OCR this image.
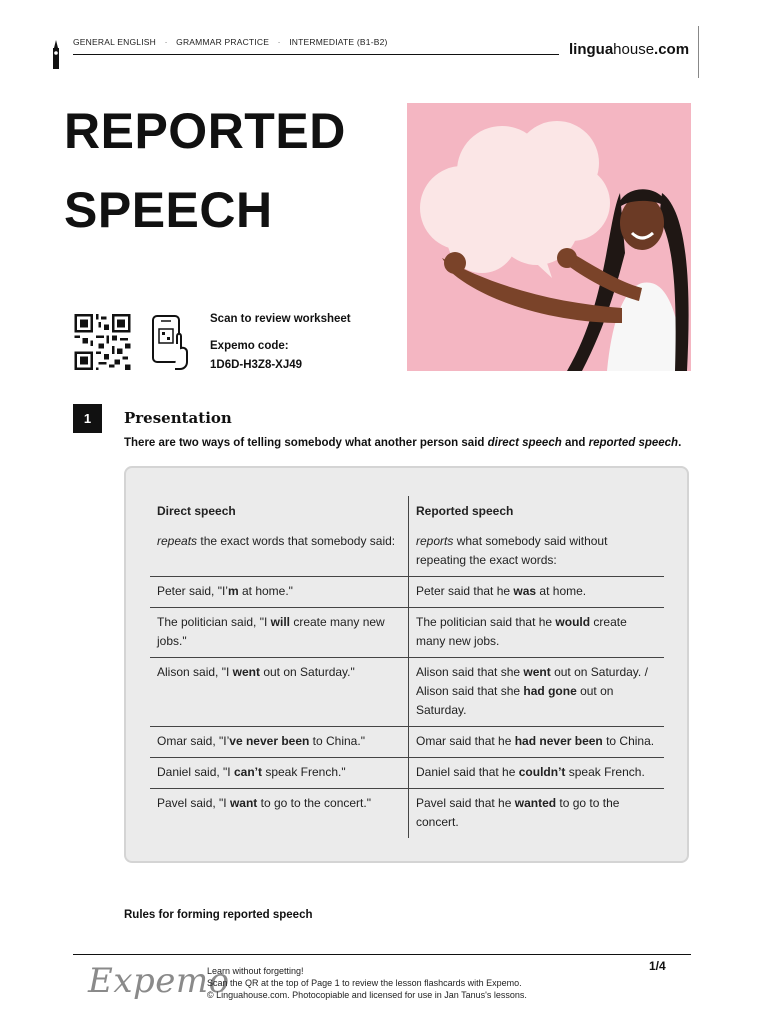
GENERAL ENGLISH · GRAMMAR PRACTICE · INTERMEDIATE (B1-B2)	linguahouse.com
REPORTED
SPEECH
Scan to review worksheet
Expemo code:
1D6D-H3Z8-XJ49
1	Presentation
There are two ways of telling somebody what another person said direct speech and reported speech.
Direct speech	Reported speech
repeats the exact words that somebody said:	reports what somebody said without repeating the exact words:
Peter said, "I’m at home."	Peter said that he was at home.
The politician said, "I will create many new jobs."	The politician said that he would create many new jobs.
Alison said, "I went out on Saturday."	Alison said that she went out on Saturday. / Alison said that she had gone out on Saturday.
Omar said, "I’ve never been to China."	Omar said that he had never been to China.
Daniel said, "I can’t speak French."	Daniel said that he couldn’t speak French.
Pavel said, "I want to go to the concert."	Pavel said that he wanted to go to the concert.
Rules for forming reported speech
Expemo
Learn without forgetting!
Scan the QR at the top of Page 1 to review the lesson flashcards with Expemo.
© Linguahouse.com. Photocopiable and licensed for use in Jan Tanus's lessons.
1/4
